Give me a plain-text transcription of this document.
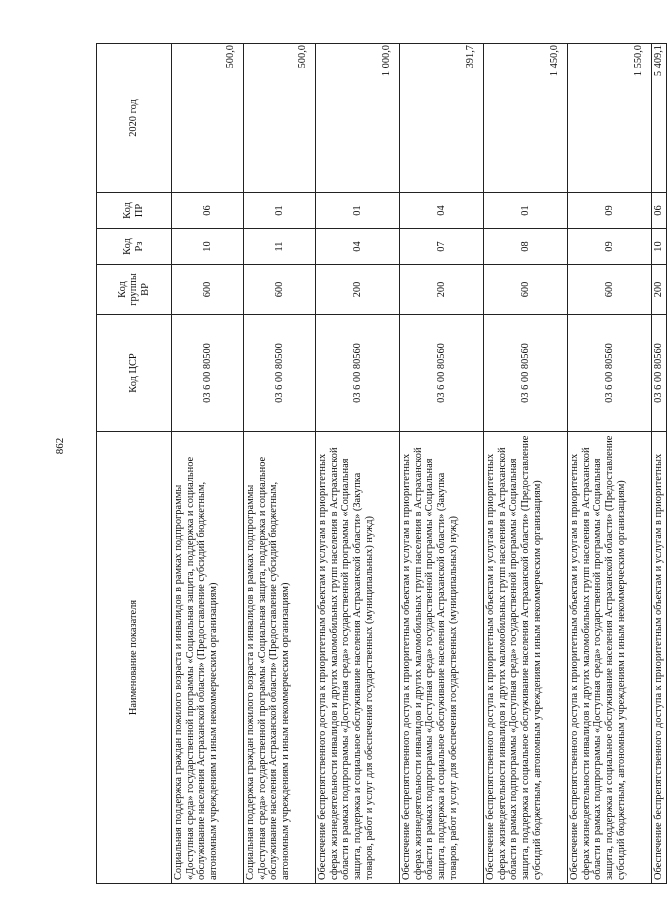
862
Наименование показателя	Код ЦСР	Код группы ВР	Код Рз	Код ПР	2020 год
Социальная поддержка граждан пожилого возраста и инвалидов в рамках подпрограммы «Доступная среда» государственной программы «Социальная защита, поддержка и социальное обслуживание населения Астраханской области» (Предоставление субсидий бюджетным, автономным учреждениям и иным некоммерческим организациям)	03 6 00 80500	600	10	06	500,0
Социальная поддержка граждан пожилого возраста и инвалидов в рамках подпрограммы «Доступная среда» государственной программы «Социальная защита, поддержка и социальное обслуживание населения Астраханской области» (Предоставление субсидий бюджетным, автономным учреждениям и иным некоммерческим организациям)	03 6 00 80500	600	11	01	500,0
Обеспечение беспрепятственного доступа к приоритетным объектам и услугам в приоритетных сферах жизнедеятельности инвалидов и других маломобильных групп населения в Астраханской области в рамках подпрограммы «Доступная среда» государственной программы «Социальная защита, поддержка и социальное обслуживание населения Астраханской области» (Закупка товаров, работ и услуг для обеспечения государственных (муниципальных) нужд)	03 6 00 80560	200	04	01	1 000,0
Обеспечение беспрепятственного доступа к приоритетным объектам и услугам в приоритетных сферах жизнедеятельности инвалидов и других маломобильных групп населения в Астраханской области в рамках подпрограммы «Доступная среда» государственной программы «Социальная защита, поддержка и социальное обслуживание населения Астраханской области» (Закупка товаров, работ и услуг для обеспечения государственных (муниципальных) нужд)	03 6 00 80560	200	07	04	391,7
Обеспечение беспрепятственного доступа к приоритетным объектам и услугам в приоритетных сферах жизнедеятельности инвалидов и других маломобильных групп населения в Астраханской области в рамках подпрограммы «Доступная среда» государственной программы «Социальная защита, поддержка и социальное обслуживание населения Астраханской области» (Предоставление субсидий бюджетным, автономным учреждениям и иным некоммерческим организациям)	03 6 00 80560	600	08	01	1 450,0
Обеспечение беспрепятственного доступа к приоритетным объектам и услугам в приоритетных сферах жизнедеятельности инвалидов и других маломобильных групп населения в Астраханской области в рамках подпрограммы «Доступная среда» государственной программы «Социальная защита, поддержка и социальное обслуживание населения Астраханской области» (Предоставление субсидий бюджетным, автономным учреждениям и иным некоммерческим организациям)	03 6 00 80560	600	09	09	1 550,0
Обеспечение беспрепятственного доступа к приоритетным объектам и услугам в приоритетных	03 6 00 80560	200	10	06	5 409,1
